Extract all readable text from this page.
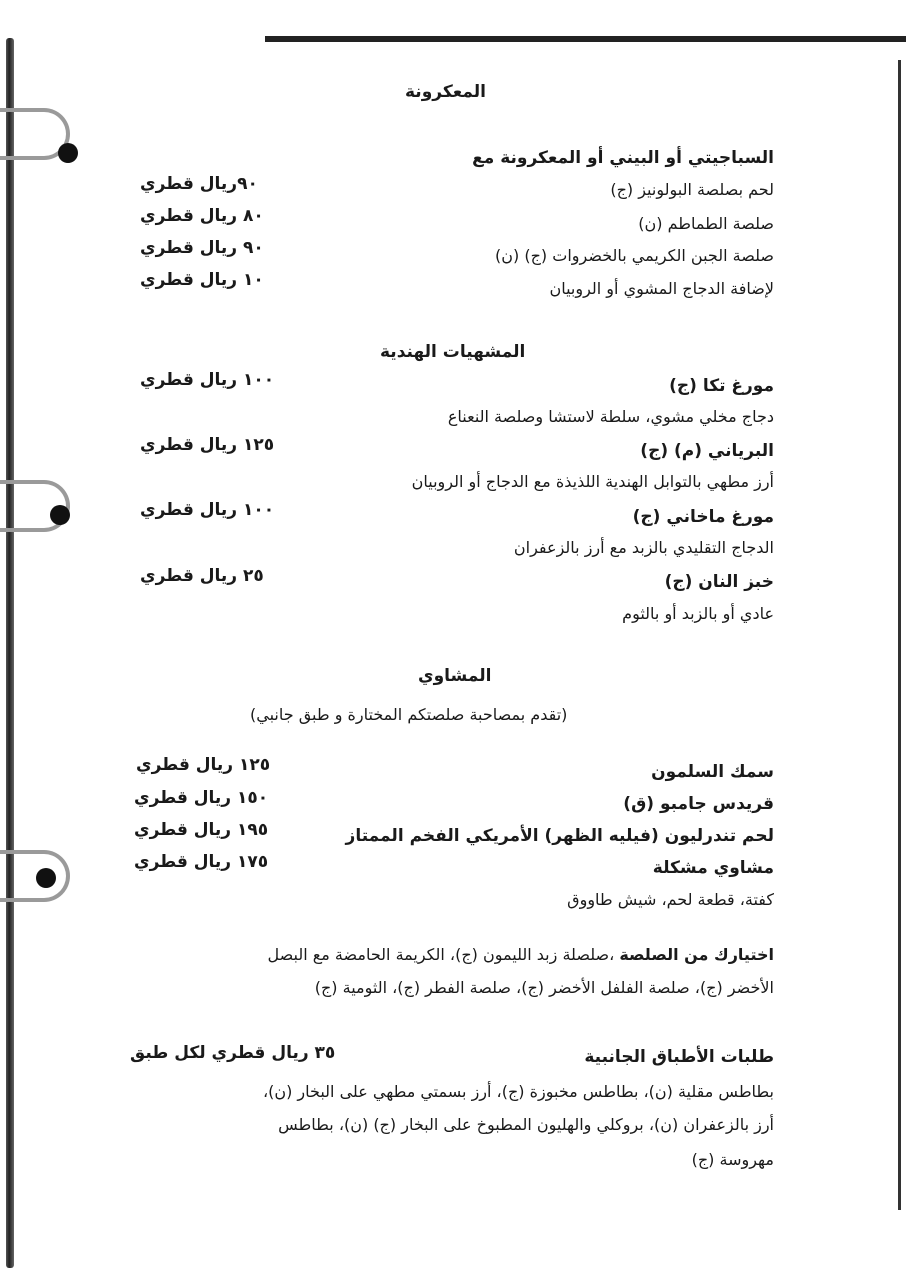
المعكرونة
السباجيتي أو البيني أو المعكرونة مع
لحم بصلصة البولونيز (ج)
٩٠ريال قطري
صلصة الطماطم (ن)
٨٠ ريال قطري
صلصة الجبن الكريمي بالخضروات (ج) (ن)
٩٠ ريال قطري
لإضافة الدجاج المشوي أو الروبيان
١٠ ريال قطري
المشهيات الهندية
مورغ تكا (ج)
١٠٠ ريال قطري
دجاج مخلي مشوي، سلطة لاستشا وصلصة النعناع
البرياني (م) (ج)
١٢٥ ريال قطري
أرز مطهي بالتوابل الهندية اللذيذة مع الدجاج أو الروبيان
مورغ ماخاني (ج)
١٠٠ ريال قطري
الدجاج التقليدي بالزبد مع أرز بالزعفران
خبز النان (ج)
٢٥ ريال قطري
عادي أو بالزبد أو بالثوم
المشاوي
(تقدم بمصاحبة صلصتكم المختارة و طبق جانبي)
سمك السلمون
١٢٥ ريال قطري
قريدس جامبو (ق)
١٥٠ ريال قطري
لحم تندرليون (فيليه الظهر) الأمريكي الفخم الممتاز
١٩٥ ريال قطري
مشاوي مشكلة
١٧٥ ريال قطري
كفتة، قطعة لحم، شيش طاووق
اختيارك من الصلصة ،صلصلة زبد الليمون (ج)، الكريمة الحامضة مع البصل
الأخضر (ج)، صلصة الفلفل الأخضر (ج)، صلصة الفطر (ج)، الثومية (ج)
طلبات الأطباق الجانبية
٣٥ ريال قطري لكل طبق
بطاطس مقلية (ن)، بطاطس مخبوزة (ج)، أرز بسمتي مطهي على البخار (ن)،
أرز بالزعفران (ن)، بروكلي والهليون المطبوخ على البخار (ج) (ن)، بطاطس
مهروسة (ج)
